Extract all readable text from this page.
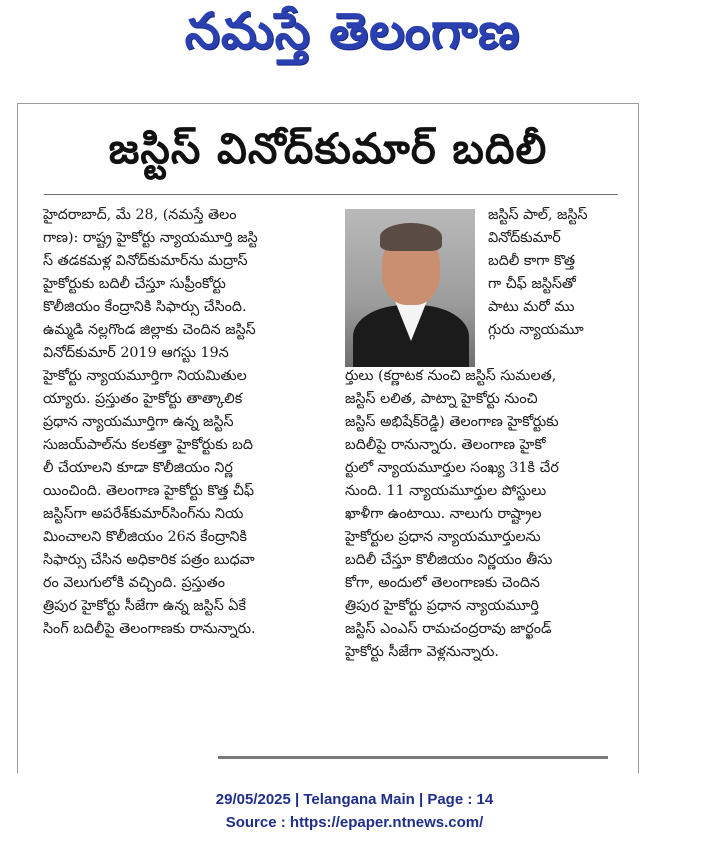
నమస్తే తెలంగాణ
జస్టిస్ వినోద్‌కుమార్ బదిలీ
హైదరాబాద్, మే 28, (నమస్తే తెలం
గాణ): రాష్ట్ర హైకోర్టు న్యాయమూర్తి జస్టి
స్ తడకమళ్ల వినోద్‌కుమార్‌ను మద్రాస్
హైకోర్టుకు బదిలీ చేస్తూ సుప్రీంకోర్టు
కొలీజియం కేంద్రానికి సిఫార్సు చేసింది.
ఉమ్మడి నల్లగొండ జిల్లాకు చెందిన జస్టిస్
వినోద్‌కుమార్ 2019 ఆగస్టు 19న
హైకోర్టు న్యాయమూర్తిగా నియమితుల
య్యారు. ప్రస్తుతం హైకోర్టు తాత్కాలిక
ప్రధాన న్యాయమూర్తిగా ఉన్న జస్టిస్
సుజయ్‌పాల్‌ను కలకత్తా హైకోర్టుకు బది
లీ చేయాలని కూడా కొలీజియం నిర్ణ
యించింది. తెలంగాణ హైకోర్టు కొత్త చీఫ్
జస్టిస్‌గా అపరేశ్‌కుమార్‌సింగ్‌ను నియ
మించాలని కొలీజియం 26న కేంద్రానికి
సిఫార్సు చేసిన అధికారిక పత్రం బుధవా
రం వెలుగులోకి వచ్చింది. ప్రస్తుతం
త్రిపుర హైకోర్టు సీజేగా ఉన్న జస్టిస్ ఏకే
సింగ్ బదిలీపై తెలంగాణకు రానున్నారు.
జస్టిస్ పాల్, జస్టిస్
వినోద్‌కుమార్
బదిలీ కాగా కొత్త
గా చీఫ్ జస్టిస్‌తో
పాటు మరో ము
గ్గురు న్యాయమూ
ర్తులు (కర్ణాటక నుంచి జస్టిస్ సుమలత,
జస్టిస్ లలిత, పాట్నా హైకోర్టు నుంచి
జస్టిస్ అభిషేక్‌రెడ్డి) తెలంగాణ హైకోర్టుకు
బదిలీపై రానున్నారు. తెలంగాణ హైకో
ర్టులో న్యాయమూర్తుల సంఖ్య 31కి చేర
నుంది. 11 న్యాయమూర్తుల పోస్టులు
ఖాళీగా ఉంటాయి. నాలుగు రాష్ట్రాల
హైకోర్టుల ప్రధాన న్యాయమూర్తులను
బదిలీ చేస్తూ కొలీజియం నిర్ణయం తీసు
కోగా, అందులో తెలంగాణకు చెందిన
త్రిపుర హైకోర్టు ప్రధాన న్యాయమూర్తి
జస్టిస్ ఎంఎస్ రామచంద్రరావు జార్ఖండ్
హైకోర్టు సీజేగా వెళ్లనున్నారు.
29/05/2025 | Telangana Main | Page : 14
Source : https://epaper.ntnews.com/
